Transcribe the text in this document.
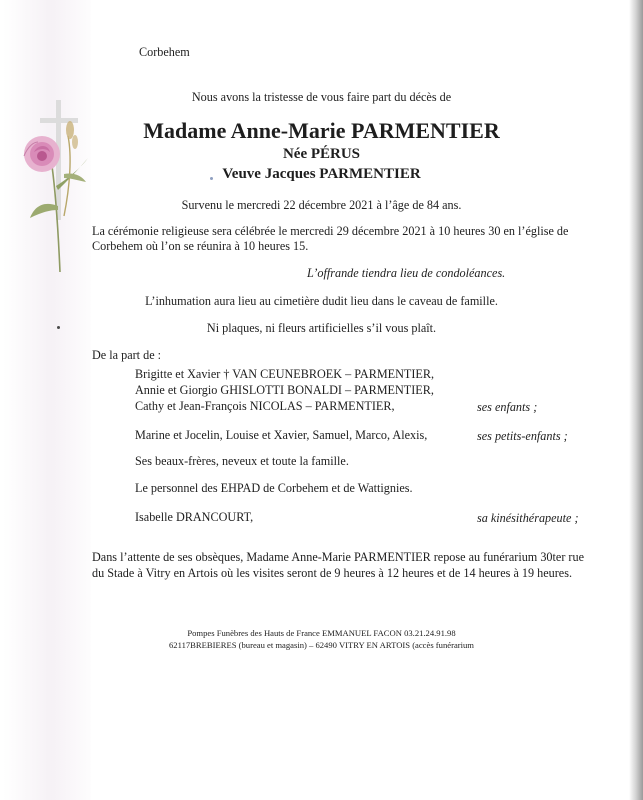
Corbehem
Nous avons la tristesse de vous faire part du décès de
Madame Anne-Marie PARMENTIER
Née PÉRUS
Veuve Jacques PARMENTIER
Survenu le mercredi 22 décembre 2021 à l’âge de 84 ans.
La cérémonie religieuse sera célébrée le mercredi 29 décembre 2021 à 10 heures 30 en l’église de
Corbehem où l’on se réunira à 10 heures 15.
L’offrande tiendra lieu de condoléances.
L’inhumation aura lieu au cimetière dudit lieu dans le caveau de famille.
Ni plaques, ni fleurs artificielles s’il vous plaît.
De la part de :
Brigitte et Xavier † VAN CEUNEBROEK – PARMENTIER,
Annie et Giorgio GHISLOTTI BONALDI – PARMENTIER,
Cathy et Jean-François NICOLAS – PARMENTIER,	ses enfants ;
Marine et Jocelin, Louise et Xavier, Samuel, Marco, Alexis,	ses petits-enfants ;
Ses beaux-frères, neveux et toute la famille.
Le personnel des EHPAD de Corbehem et de Wattignies.
Isabelle DRANCOURT,	sa kinésithérapeute ;
Dans l’attente de ses obsèques, Madame Anne-Marie PARMENTIER repose au funérarium 30ter rue
du Stade à Vitry en Artois où les visites seront de 9 heures à 12 heures et de 14 heures à 19 heures.
Pompes Funèbres des Hauts de France EMMANUEL FACON 03.21.24.91.98
62117BREBIERES (bureau et magasin) – 62490 VITRY EN ARTOIS (accès funérarium
